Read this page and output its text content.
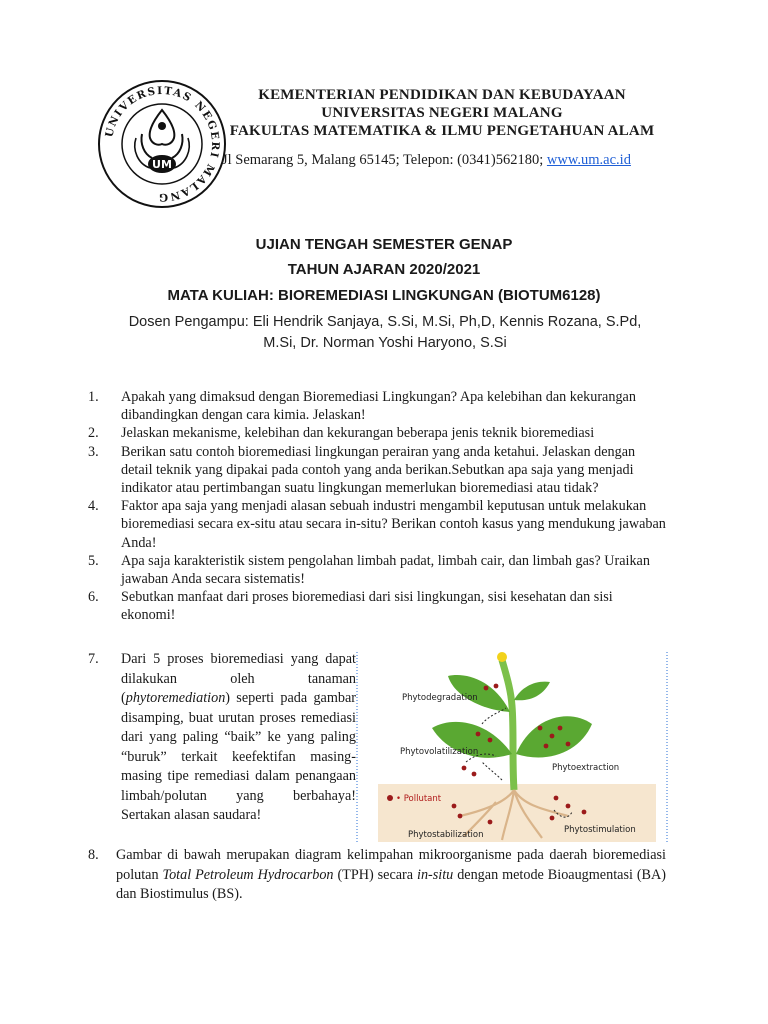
UNIVERSITAS NEGERI MALANG
UM
KEMENTERIAN PENDIDIKAN DAN KEBUDAYAAN
UNIVERSITAS NEGERI MALANG
FAKULTAS MATEMATIKA & ILMU PENGETAHUAN ALAM
Jl Semarang 5, Malang 65145; Telepon: (0341)562180; www.um.ac.id
UJIAN TENGAH SEMESTER GENAP
TAHUN AJARAN 2020/2021
MATA KULIAH: BIOREMEDIASI LINGKUNGAN (BIOTUM6128)
Dosen Pengampu: Eli Hendrik Sanjaya, S.Si, M.Si, Ph,D, Kennis Rozana, S.Pd,
M.Si, Dr. Norman Yoshi Haryono, S.Si
1.	Apakah yang dimaksud dengan Bioremediasi Lingkungan? Apa kelebihan dan kekurangan dibandingkan dengan cara kimia. Jelaskan!
2.	Jelaskan mekanisme, kelebihan dan kekurangan beberapa jenis teknik bioremediasi
3.	Berikan satu contoh bioremediasi lingkungan perairan yang anda ketahui. Jelaskan dengan detail teknik yang dipakai pada contoh yang anda berikan.Sebutkan apa saja yang menjadi indikator atau pertimbangan suatu lingkungan memerlukan bioremediasi atau tidak?
4.	Faktor apa saja yang menjadi alasan sebuah industri mengambil keputusan untuk melakukan bioremediasi secara ex-situ atau secara in-situ? Berikan contoh kasus yang mendukung jawaban Anda!
5.	Apa saja karakteristik sistem pengolahan limbah padat, limbah cair, dan limbah gas? Uraikan jawaban Anda secara sistematis!
6.	Sebutkan manfaat dari proses bioremediasi dari sisi lingkungan, sisi kesehatan dan sisi ekonomi!
7.	Dari 5 proses bioremediasi yang dapat dilakukan oleh tanaman (phytoremediation) seperti pada gambar disamping, buat urutan proses remediasi dari yang paling “baik” ke yang paling “buruk” terkait keefektifan masing-masing tipe remediasi dalam penangaan limbah/polutan yang berbahaya! Sertakan alasan saudara!
Phytodegradation
Phytovolatilization
Phytoextraction
• Pollutant
Phytostabilization	Phytostimulation
8.	Gambar di bawah merupakan diagram kelimpahan mikroorganisme pada daerah bioremediasi polutan Total Petroleum Hydrocarbon (TPH) secara in-situ dengan metode Bioaugmentasi (BA) dan Biostimulus (BS).
